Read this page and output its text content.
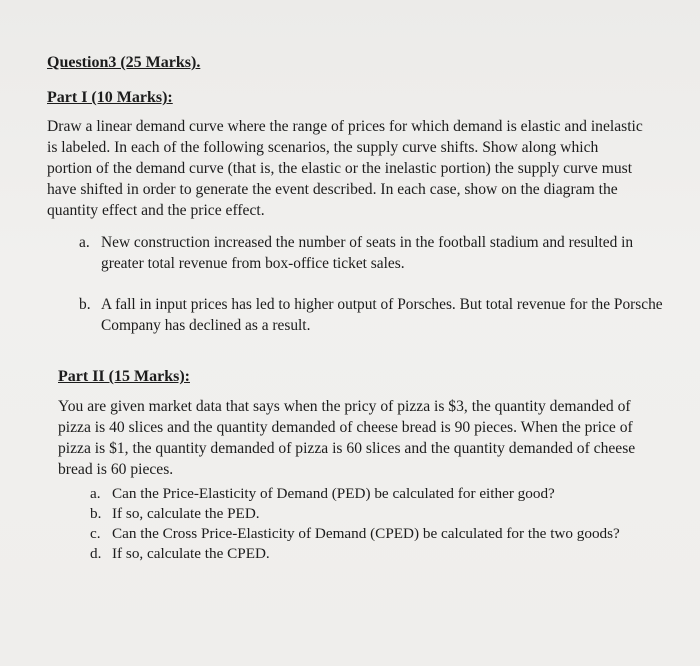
Question3 (25 Marks).
Part I (10 Marks):

Draw a linear demand curve where the range of prices for which demand is elastic and inelastic is labeled. In each of the following scenarios, the supply curve shifts. Show along which portion of the demand curve (that is, the elastic or the inelastic portion) the supply curve must have shifted in order to generate the event described. In each case, show on the diagram the quantity effect and the price effect.

a. New construction increased the number of seats in the football stadium and resulted in greater total revenue from box-office ticket sales.
b. A fall in input prices has led to higher output of Porsches. But total revenue for the Porsche Company has declined as a result.
Part II (15 Marks):

You are given market data that says when the pricy of pizza is $3, the quantity demanded of pizza is 40 slices and the quantity demanded of cheese bread is 90 pieces. When the price of pizza is $1, the quantity demanded of pizza is 60 slices and the quantity demanded of cheese bread is 60 pieces.

a. Can the Price-Elasticity of Demand (PED) be calculated for either good?
b. If so, calculate the PED.
c. Can the Cross Price-Elasticity of Demand (CPED) be calculated for the two goods?
d. If so, calculate the CPED.
